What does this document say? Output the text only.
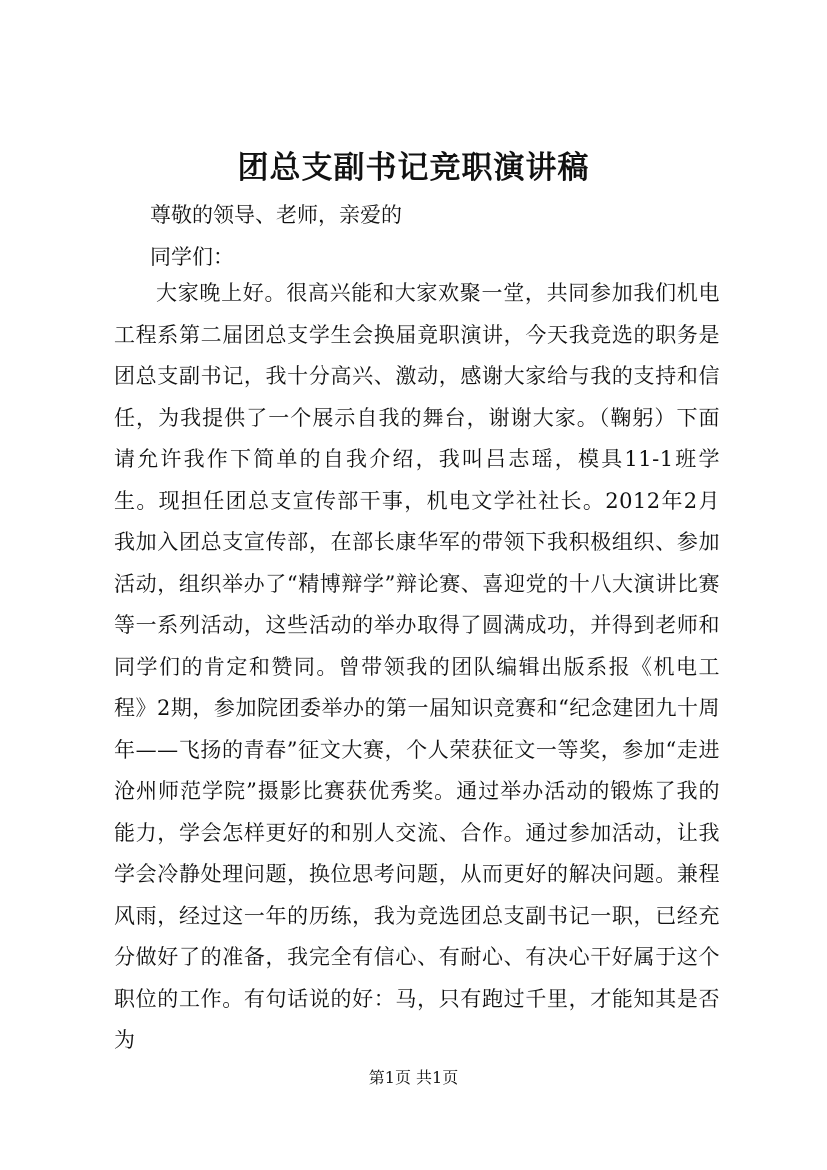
团总支副书记竞职演讲稿

尊敬的领导、老师，亲爱的

同学们：

大家晚上好。很高兴能和大家欢聚一堂，共同参加我们机电工程系第二届团总支学生会换届竟职演讲，今天我竞选的职务是团总支副书记，我十分高兴、激动，感谢大家给与我的支持和信任，为我提供了一个展示自我的舞台，谢谢大家。（鞠躬）下面请允许我作下简单的自我介绍，我叫吕志瑶，模具11-1班学生。现担任团总支宣传部干事，机电文学社社长。2012年2月我加入团总支宣传部，在部长康华军的带领下我积极组织、参加活动，组织举办了“精博辩学”辩论赛、喜迎党的十八大演讲比赛等一系列活动，这些活动的举办取得了圆满成功，并得到老师和同学们的肯定和赞同。曾带领我的团队编辑出版系报《机电工程》2期，参加院团委举办的第一届知识竞赛和“纪念建团九十周年——飞扬的青春”征文大赛，个人荣获征文一等奖，参加“走进沧州师范学院”摄影比赛获优秀奖。通过举办活动的锻炼了我的能力，学会怎样更好的和别人交流、合作。通过参加活动，让我学会冷静处理问题，换位思考问题，从而更好的解决问题。兼程风雨，经过这一年的历练，我为竞选团总支副书记一职，已经充分做好了的准备，我完全有信心、有耐心、有决心干好属于这个职位的工作。有句话说的好：马，只有跑过千里，才能知其是否为

第1页 共1页
